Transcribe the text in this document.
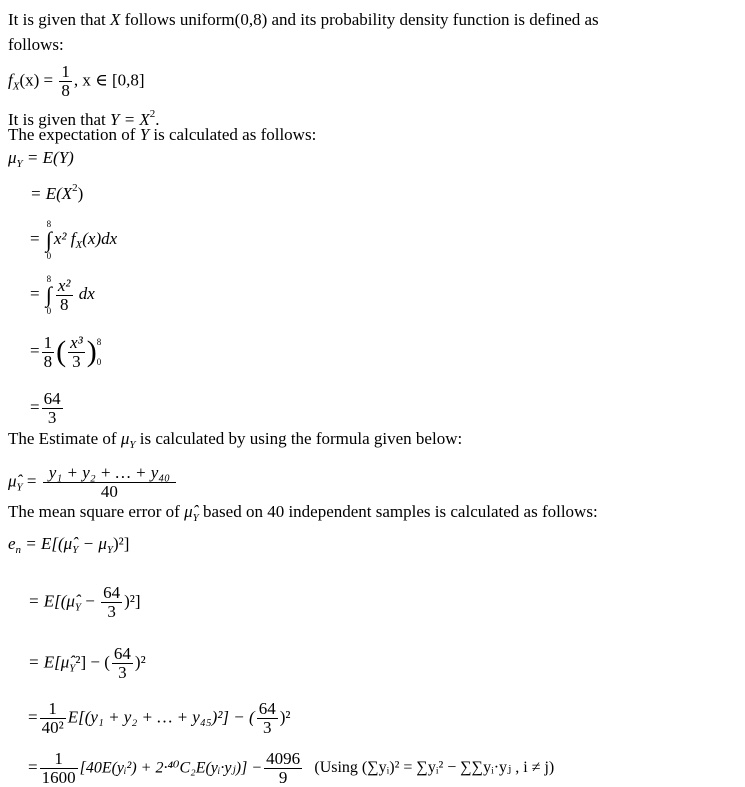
It is given that X follows uniform(0,8) and its probability density function is defined as
follows:
$f_X(x) = \frac{1}{8}$ , x ∈ [0,8]
It is given that $Y = X^2$.
The expectation of Y is calculated as follows:
$\mu_Y = E(Y)$
= $E(X^2)$
=
8
∫
0
x² $f_X(x)dx$
=
8
∫
$0 \frac{\text{x²}}{8}$ dx
= $\frac{1}{8}$ ( $\frac{\text{x³}}{3}$ ) 8
0
= $\frac{64}{3}$
The Estimate of $\mu_Y$ is calculated by using the formula given below:
$\mû_Y = \frac{\text{y₁ + y₂ + … + y₄₀}}{40}$
The mean square error of $\mû_Y$ based on 40 independent samples is calculated as follows:
$e_n$ = $E[(\mû_Y - \mu_Y)^2]$
= $E[(\mû_Y - \frac{64}{3} )^2]$
= $E[\mû_Y^2]$ − ( $\frac{64}{3} )^2$
= $\frac{1}{\text{40²}} E[(y_1 + y_2$ + … + y₄₅)²] − ( $\frac{64}{3} )^2$
= $\frac{1}{1600}$ [40E(yᵢ²) + 2·⁴⁰C₂E(yᵢ·yⱼ)] − $\frac{4096}{9} (Using$ (∑yᵢ)² = ∑yᵢ² − ∑∑yᵢ·yⱼ , i ≠ j)
